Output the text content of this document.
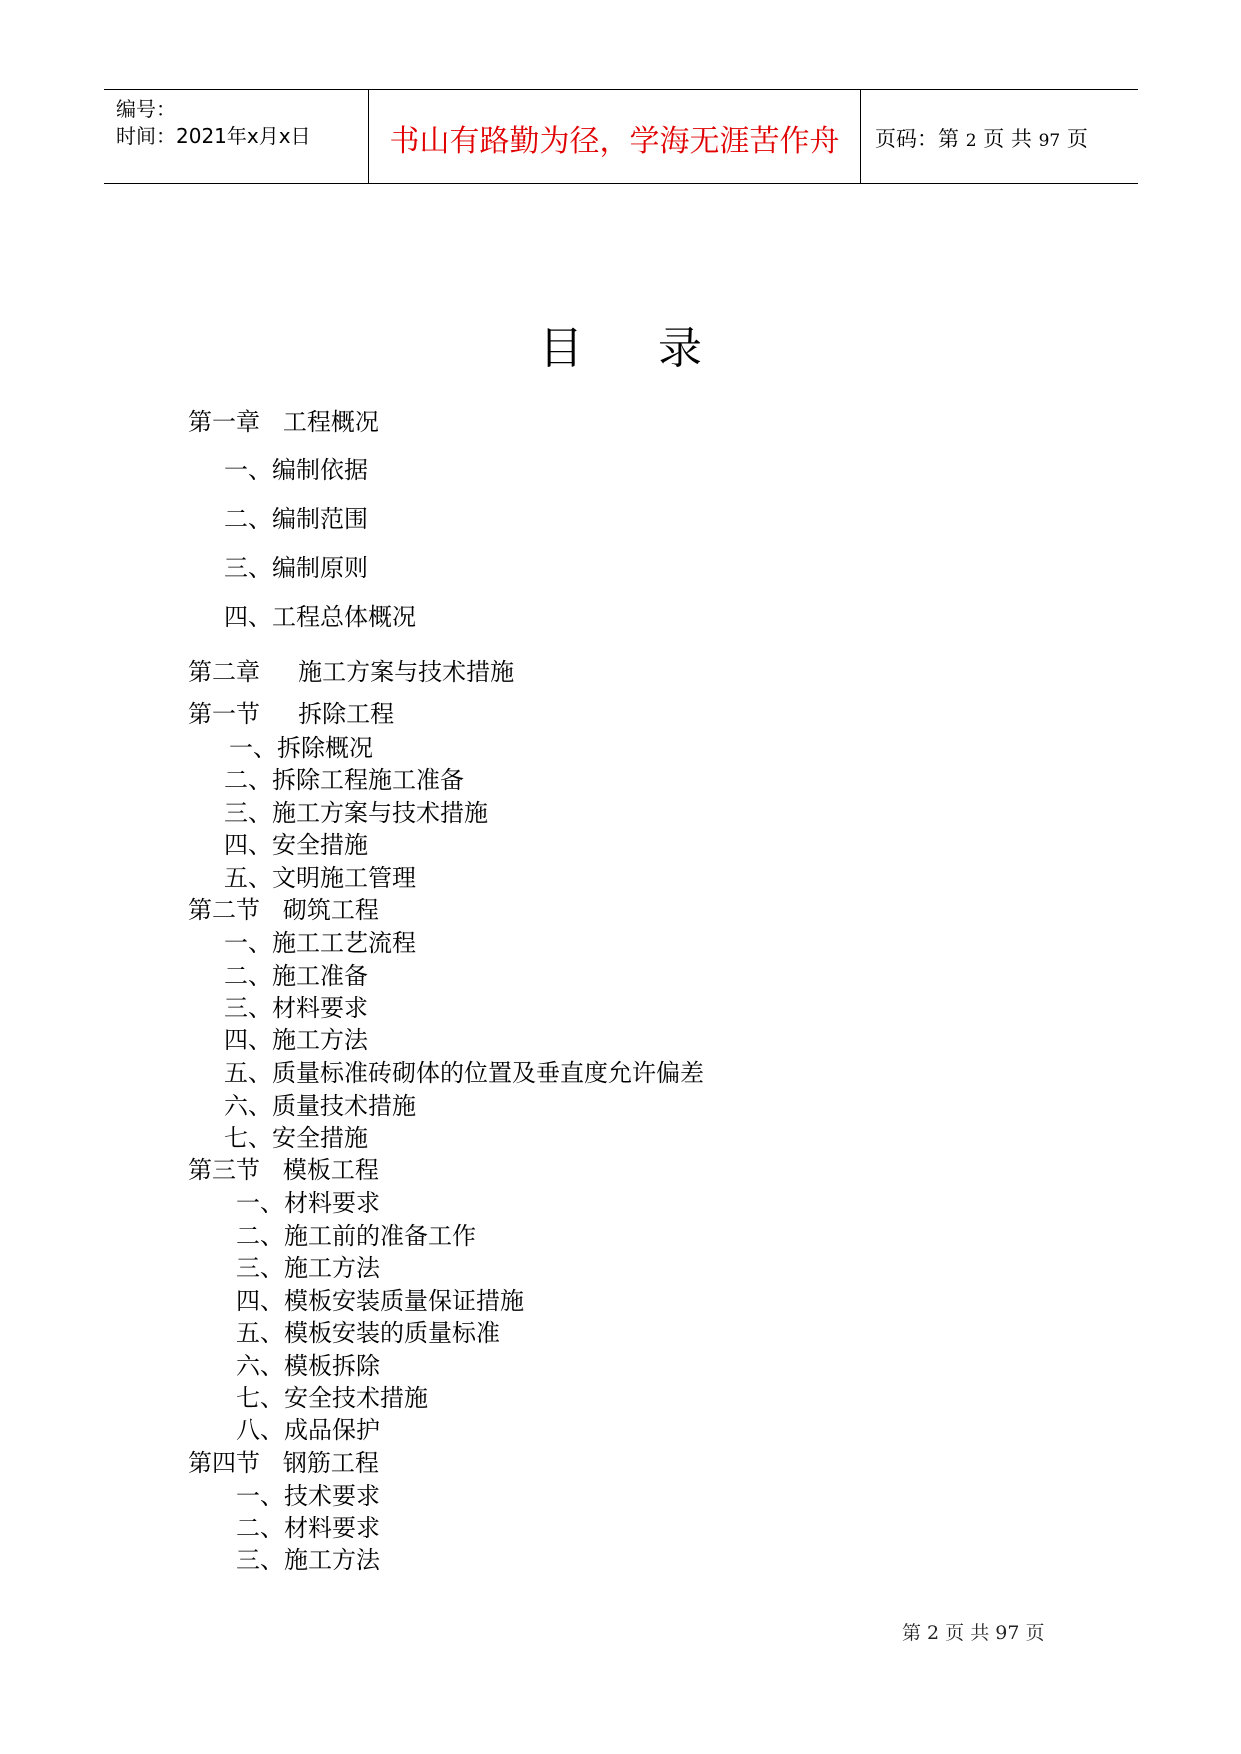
编号：
时间：2021年x月x日	书山有路勤为径，学海无涯苦作舟	页码：第 2 页 共 97 页
目录
第一章   工程概况
一、编制依据
二、编制范围
三、编制原则
四、工程总体概况
第二章     施工方案与技术措施
第一节     拆除工程
一、拆除概况
二、拆除工程施工准备
三、施工方案与技术措施
四、安全措施
五、文明施工管理
第二节   砌筑工程
一、施工工艺流程
二、施工准备
三、材料要求
四、施工方法
五、质量标准砖砌体的位置及垂直度允许偏差
六、质量技术措施
七、安全措施
第三节   模板工程
一、材料要求
二、施工前的准备工作
三、施工方法
四、模板安装质量保证措施
五、模板安装的质量标准
六、模板拆除
七、安全技术措施
八、成品保护
第四节   钢筋工程
一、技术要求
二、材料要求
三、施工方法
第 2 页 共 97 页
